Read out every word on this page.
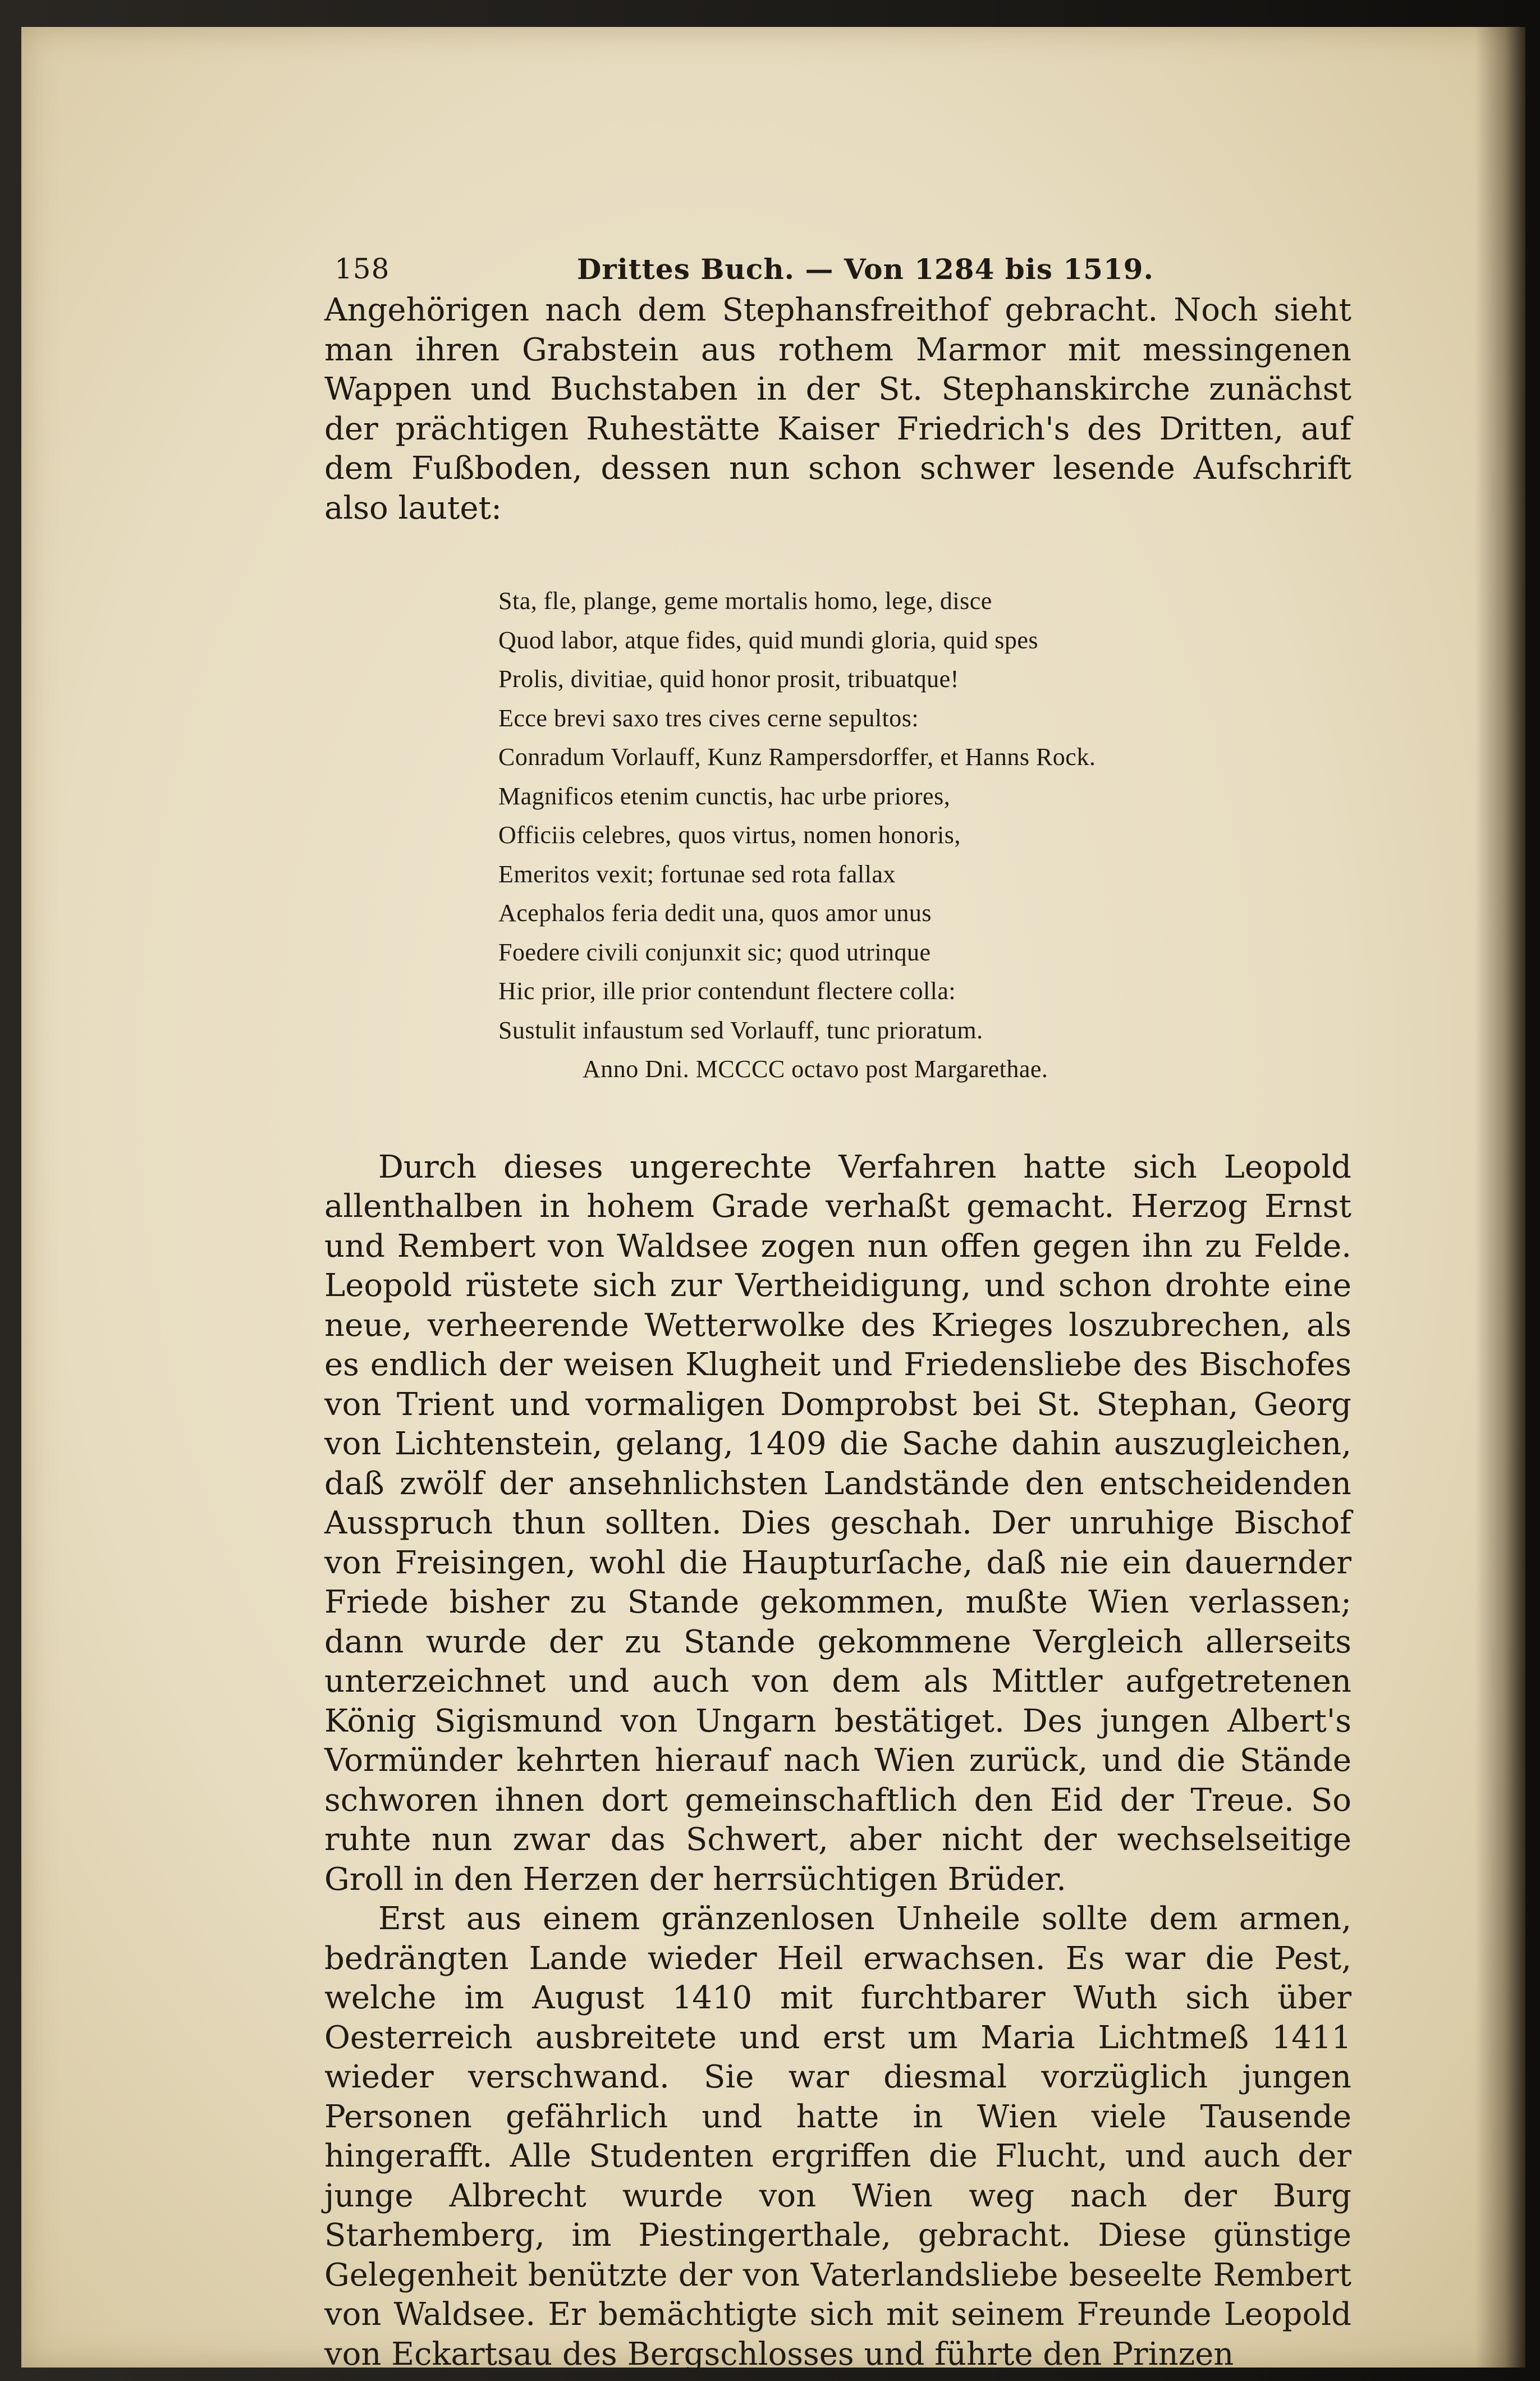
158	Drittes Buch. — Von 1284 bis 1519.

Angehörigen nach dem Stephansfreithof gebracht. Noch sieht man ihren Grabstein aus rothem Marmor mit messingenen Wappen und Buchstaben in der St. Stephanskirche zunächst der prächtigen Ruhestätte Kaiser Friedrich's des Dritten, auf dem Fußboden, dessen nun schon schwer lesende Aufschrift also lautet:

Sta, fle, plange, geme mortalis homo, lege, disce
Quod labor, atque fides, quid mundi gloria, quid spes
Prolis, divitiae, quid honor prosit, tribuatque!
Ecce brevi saxo tres cives cerne sepultos:
Conradum Vorlauff, Kunz Rampersdorffer, et Hanns Rock.
Magnificos etenim cunctis, hac urbe priores,
Officiis celebres, quos virtus, nomen honoris,
Emeritos vexit; fortunae sed rota fallax
Acephalos feria dedit una, quos amor unus
Foedere civili conjunxit sic; quod utrinque
Hic prior, ille prior contendunt flectere colla:
Sustulit infaustum sed Vorlauff, tunc prioratum.
Anno Dni. MCCCC octavo post Margarethae.

Durch dieses ungerechte Verfahren hatte sich Leopold allenthalben in hohem Grade verhaßt gemacht. Herzog Ernst und Rembert von Waldsee zogen nun offen gegen ihn zu Felde. Leopold rüstete sich zur Vertheidigung, und schon drohte eine neue, verheerende Wetterwolke des Krieges loszubrechen, als es endlich der weisen Klugheit und Friedensliebe des Bischofes von Trient und vormaligen Domprobst bei St. Stephan, Georg von Lichtenstein, gelang, 1409 die Sache dahin auszugleichen, daß zwölf der ansehnlichsten Landstände den entscheidenden Ausspruch thun sollten. Dies geschah. Der unruhige Bischof von Freisingen, wohl die Haupturſache, daß nie ein dauernder Friede bisher zu Stande gekommen, mußte Wien verlassen; dann wurde der zu Stande gekommene Vergleich allerseits unterzeichnet und auch von dem als Mittler aufgetretenen König Sigismund von Ungarn bestätiget. Des jungen Albert's Vormünder kehrten hierauf nach Wien zurück, und die Stände schworen ihnen dort gemeinschaftlich den Eid der Treue. So ruhte nun zwar das Schwert, aber nicht der wechselseitige Groll in den Herzen der herrsüchtigen Brüder.

Erst aus einem gränzenlosen Unheile sollte dem armen, bedrängten Lande wieder Heil erwachsen. Es war die Pest, welche im August 1410 mit furchtbarer Wuth sich über Oesterreich ausbreitete und erst um Maria Lichtmeß 1411 wieder verschwand. Sie war diesmal vorzüglich jungen Personen gefährlich und hatte in Wien viele Tausende hingerafft. Alle Studenten ergriffen die Flucht, und auch der junge Albrecht wurde von Wien weg nach der Burg Starhemberg, im Piestingerthale, gebracht. Diese günstige Gelegenheit benützte der von Vaterlandsliebe beseelte Rembert von Waldsee. Er bemächtigte sich mit seinem Freunde Leopold von Eckartsau des Bergschlosses und führte den Prinzen
